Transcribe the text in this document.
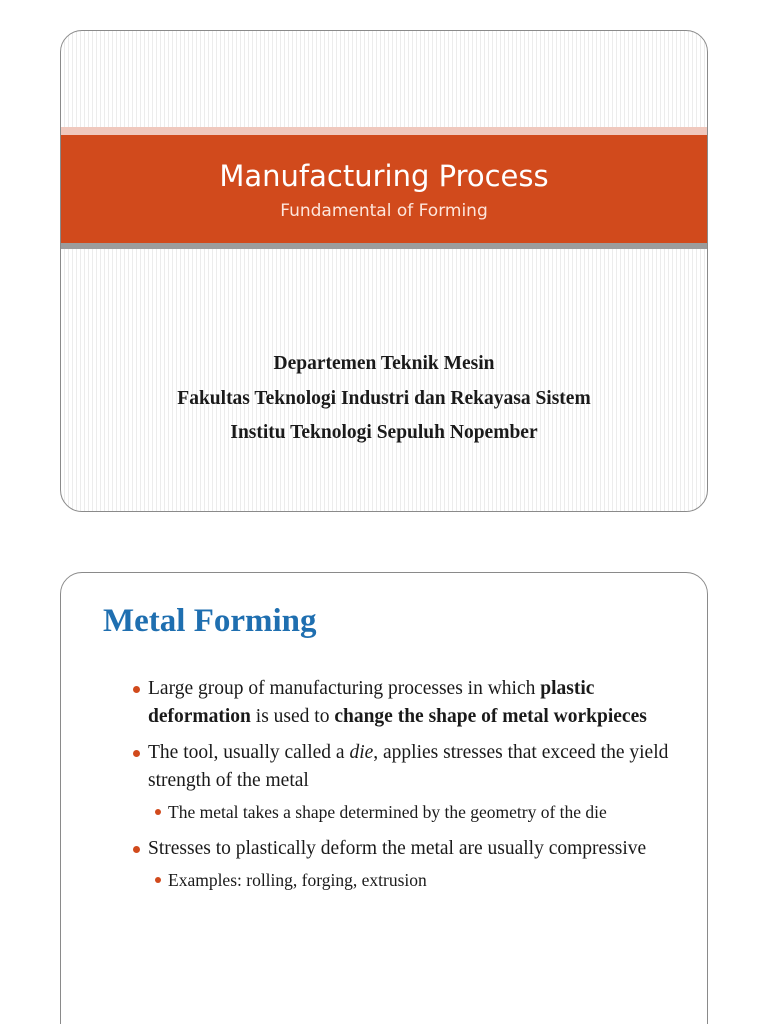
Manufacturing Process
Fundamental of Forming
Departemen Teknik Mesin
Fakultas Teknologi Industri dan Rekayasa Sistem
Institu Teknologi Sepuluh Nopember
Metal Forming
Large group of manufacturing processes in which plastic deformation is used to change the shape of metal workpieces
The tool, usually called a die, applies stresses that exceed the yield strength of the metal
The metal takes a shape determined by the geometry of the die
Stresses to plastically deform the metal are usually compressive
Examples: rolling, forging, extrusion
